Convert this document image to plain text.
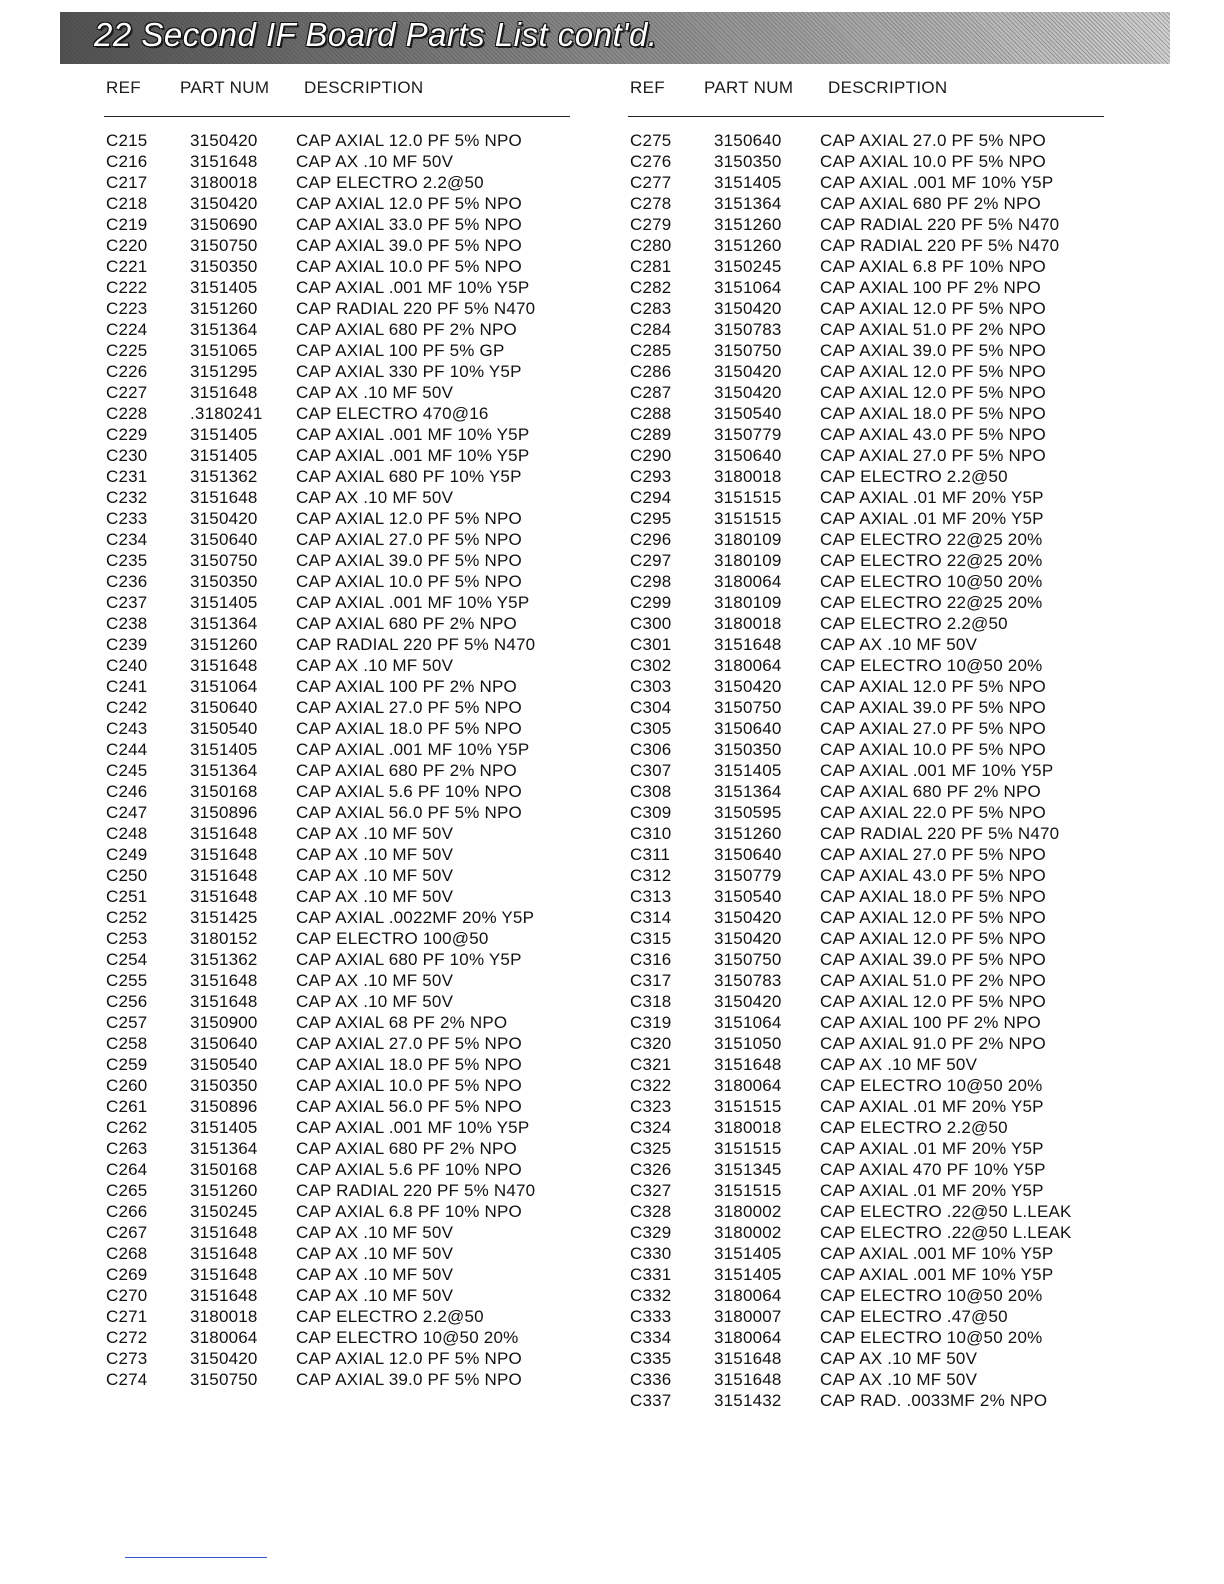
22 Second IF Board Parts List cont'd.
REF PART NUM DESCRIPTION
C215	3150420 CAP AXIAL 12.0 PF 5% NPO
C216	3151648 CAP AX .10 MF 50V
C217	3180018 CAP ELECTRO 2.2@50
C218	3150420 CAP AXIAL 12.0 PF 5% NPO
C219	3150690 CAP AXIAL 33.0 PF 5% NPO
C220	3150750 CAP AXIAL 39.0 PF 5% NPO
C221	3150350 CAP AXIAL 10.0 PF 5% NPO
C222	3151405 CAP AXIAL .001 MF 10% Y5P
C223	3151260 CAP RADIAL 220 PF 5% N470
C224	3151364 CAP AXIAL 680 PF 2% NPO
C225	3151065 CAP AXIAL 100 PF 5% GP
C226	3151295 CAP AXIAL 330 PF 10% Y5P
C227	3151648 CAP AX .10 MF 50V
C228	.3180241 CAP ELECTRO 470@16
C229	3151405 CAP AXIAL .001 MF 10% Y5P
C230	3151405 CAP AXIAL .001 MF 10% Y5P
C231	3151362 CAP AXIAL 680 PF 10% Y5P
C232	3151648 CAP AX .10 MF 50V
C233	3150420 CAP AXIAL 12.0 PF 5% NPO
C234	3150640 CAP AXIAL 27.0 PF 5% NPO
C235	3150750 CAP AXIAL 39.0 PF 5% NPO
C236	3150350 CAP AXIAL 10.0 PF 5% NPO
C237	3151405 CAP AXIAL .001 MF 10% Y5P
C238	3151364 CAP AXIAL 680 PF 2% NPO
C239	3151260 CAP RADIAL 220 PF 5% N470
C240	3151648 CAP AX .10 MF 50V
C241	3151064 CAP AXIAL 100 PF 2% NPO
C242	3150640 CAP AXIAL 27.0 PF 5% NPO
C243	3150540 CAP AXIAL 18.0 PF 5% NPO
C244	3151405 CAP AXIAL .001 MF 10% Y5P
C245	3151364 CAP AXIAL 680 PF 2% NPO
C246	3150168 CAP AXIAL 5.6 PF 10% NPO
C247	3150896 CAP AXIAL 56.0 PF 5% NPO
C248	3151648 CAP AX .10 MF 50V
C249	3151648 CAP AX .10 MF 50V
C250	3151648 CAP AX .10 MF 50V
C251	3151648 CAP AX .10 MF 50V
C252	3151425 CAP AXIAL .0022MF 20% Y5P
C253	3180152 CAP ELECTRO 100@50
C254	3151362 CAP AXIAL 680 PF 10% Y5P
C255	3151648 CAP AX .10 MF 50V
C256	3151648 CAP AX .10 MF 50V
C257	3150900 CAP AXIAL 68 PF 2% NPO
C258	3150640 CAP AXIAL 27.0 PF 5% NPO
C259	3150540 CAP AXIAL 18.0 PF 5% NPO
C260	3150350 CAP AXIAL 10.0 PF 5% NPO
C261	3150896 CAP AXIAL 56.0 PF 5% NPO
C262	3151405 CAP AXIAL .001 MF 10% Y5P
C263	3151364 CAP AXIAL 680 PF 2% NPO
C264	3150168 CAP AXIAL 5.6 PF 10% NPO
C265	3151260 CAP RADIAL 220 PF 5% N470
C266	3150245 CAP AXIAL 6.8 PF 10% NPO
C267	3151648 CAP AX .10 MF 50V
C268	3151648 CAP AX .10 MF 50V
C269	3151648 CAP AX .10 MF 50V
C270	3151648 CAP AX .10 MF 50V
C271	3180018 CAP ELECTRO 2.2@50
C272	3180064 CAP ELECTRO 10@50 20%
C273	3150420 CAP AXIAL 12.0 PF 5% NPO
C274	3150750 CAP AXIAL 39.0 PF 5% NPO
REF PART NUM DESCRIPTION
C275	3150640 CAP AXIAL 27.0 PF 5% NPO
C276	3150350 CAP AXIAL 10.0 PF 5% NPO
C277	3151405 CAP AXIAL .001 MF 10% Y5P
C278	3151364 CAP AXIAL 680 PF 2% NPO
C279	3151260 CAP RADIAL 220 PF 5% N470
C280	3151260 CAP RADIAL 220 PF 5% N470
C281	3150245 CAP AXIAL 6.8 PF 10% NPO
C282	3151064 CAP AXIAL 100 PF 2% NPO
C283	3150420 CAP AXIAL 12.0 PF 5% NPO
C284	3150783 CAP AXIAL 51.0 PF 2% NPO
C285	3150750 CAP AXIAL 39.0 PF 5% NPO
C286	3150420 CAP AXIAL 12.0 PF 5% NPO
C287	3150420 CAP AXIAL 12.0 PF 5% NPO
C288	3150540 CAP AXIAL 18.0 PF 5% NPO
C289	3150779 CAP AXIAL 43.0 PF 5% NPO
C290	3150640 CAP AXIAL 27.0 PF 5% NPO
C293	3180018 CAP ELECTRO 2.2@50
C294	3151515 CAP AXIAL .01 MF 20% Y5P
C295	3151515 CAP AXIAL .01 MF 20% Y5P
C296	3180109 CAP ELECTRO 22@25 20%
C297	3180109 CAP ELECTRO 22@25 20%
C298	3180064 CAP ELECTRO 10@50 20%
C299	3180109 CAP ELECTRO 22@25 20%
C300	3180018 CAP ELECTRO 2.2@50
C301	3151648 CAP AX .10 MF 50V
C302	3180064 CAP ELECTRO 10@50 20%
C303	3150420 CAP AXIAL 12.0 PF 5% NPO
C304	3150750 CAP AXIAL 39.0 PF 5% NPO
C305	3150640 CAP AXIAL 27.0 PF 5% NPO
C306	3150350 CAP AXIAL 10.0 PF 5% NPO
C307	3151405 CAP AXIAL .001 MF 10% Y5P
C308	3151364 CAP AXIAL 680 PF 2% NPO
C309	3150595 CAP AXIAL 22.0 PF 5% NPO
C310	3151260 CAP RADIAL 220 PF 5% N470
C311	3150640 CAP AXIAL 27.0 PF 5% NPO
C312	3150779 CAP AXIAL 43.0 PF 5% NPO
C313	3150540 CAP AXIAL 18.0 PF 5% NPO
C314	3150420 CAP AXIAL 12.0 PF 5% NPO
C315	3150420 CAP AXIAL 12.0 PF 5% NPO
C316	3150750 CAP AXIAL 39.0 PF 5% NPO
C317	3150783 CAP AXIAL 51.0 PF 2% NPO
C318	3150420 CAP AXIAL 12.0 PF 5% NPO
C319	3151064 CAP AXIAL 100 PF 2% NPO
C320	3151050 CAP AXIAL 91.0 PF 2% NPO
C321	3151648 CAP AX .10 MF 50V
C322	3180064 CAP ELECTRO 10@50 20%
C323	3151515 CAP AXIAL .01 MF 20% Y5P
C324	3180018 CAP ELECTRO 2.2@50
C325	3151515 CAP AXIAL .01 MF 20% Y5P
C326	3151345 CAP AXIAL 470 PF 10% Y5P
C327	3151515 CAP AXIAL .01 MF 20% Y5P
C328	3180002 CAP ELECTRO .22@50 L.LEAK
C329	3180002 CAP ELECTRO .22@50 L.LEAK
C330	3151405 CAP AXIAL .001 MF 10% Y5P
C331	3151405 CAP AXIAL .001 MF 10% Y5P
C332	3180064 CAP ELECTRO 10@50 20%
C333	3180007 CAP ELECTRO .47@50
C334	3180064 CAP ELECTRO 10@50 20%
C335	3151648 CAP AX .10 MF 50V
C336	3151648 CAP AX .10 MF 50V
C337	3151432 CAP RAD. .0033MF 2% NPO
